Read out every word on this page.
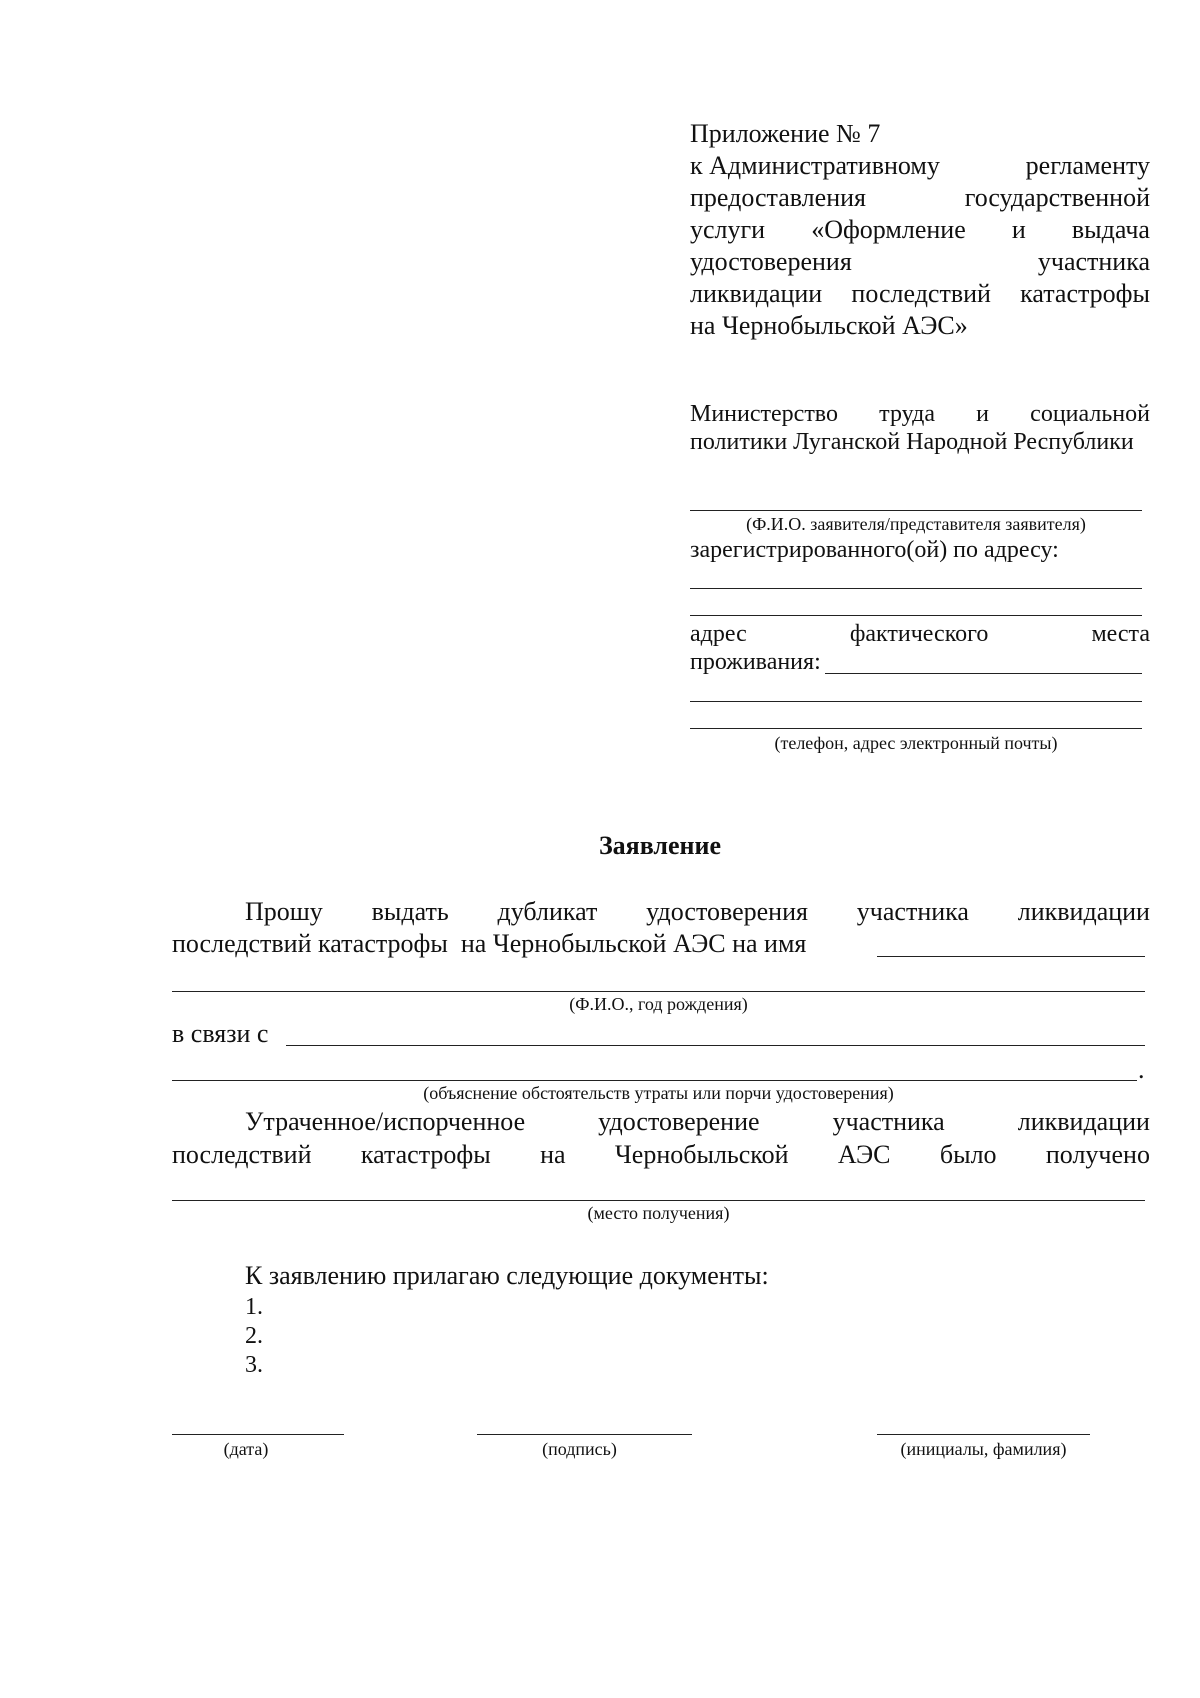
Приложение № 7
к Административному	регламенту
предоставления	государственной
услуги «Оформление и выдача
удостоверения	участника
ликвидации последствий катастрофы
на Чернобыльской АЭС»
Министерство труда и социальной
политики Луганской Народной Республики
(Ф.И.О. заявителя/представителя заявителя)
зарегистрированного(ой) по адресу:
адрес	фактического	места
проживания:
(телефон, адрес электронный почты)
Заявление
Прошу выдать дубликат удостоверения участника ликвидации
последствий катастрофы  на Чернобыльской АЭС на имя
(Ф.И.О., год рождения)
в связи с
.
(объяснение обстоятельств утраты или порчи удостоверения)
Утраченное/испорченное	удостоверение	участника	ликвидации
последствий катастрофы на Чернобыльской АЭС было получено
(место получения)
К заявлению прилагаю следующие документы:
1.
2.
3.
(дата)	(подпись)	(инициалы, фамилия)
